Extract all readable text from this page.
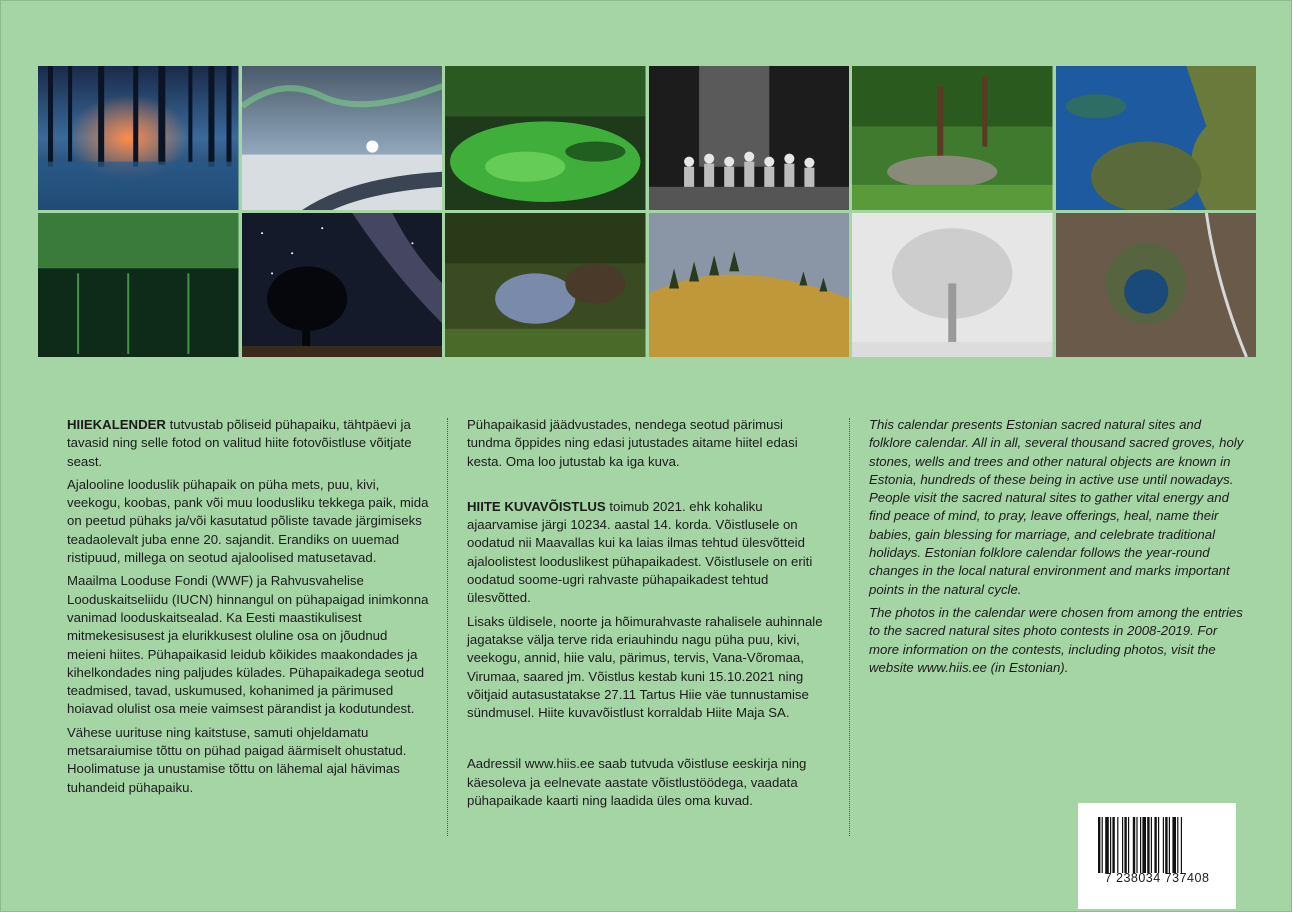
HIIEKALENDER tutvustab põliseid pühapaiku, tähtpäevi ja tavasid ning selle fotod on valitud hiite fotovõistluse võitjate seast.

Ajalooline looduslik pühapaik on püha mets, puu, kivi, veekogu, koobas, pank või muu loodusliku tekkega paik, mida on peetud pühaks ja/või kasutatud põliste tavade järgimiseks teadaolevalt juba enne 20. sajandit. Erandiks on uuemad ristipuud, millega on seotud ajaloolised matusetavad.

Maailma Looduse Fondi (WWF) ja Rahvusvahelise Looduskaitseliidu (IUCN) hinnangul on pühapaigad inimkonna vanimad looduskaitsealad. Ka Eesti maastikulisest mitmekesisusest ja elurikkusest oluline osa on jõudnud meieni hiites. Pühapaikasid leidub kõikides maakondades ja kihelkondades ning paljudes külades. Pühapaikadega seotud teadmised, tavad, uskumused, kohanimed ja pärimused hoiavad olulist osa meie vaimsest pärandist ja kodutundest.

Vähese uurituse ning kaitstuse, samuti ohjeldamatu metsaraiumise tõttu on pühad paigad äärmiselt ohustatud. Hoolimatuse ja unustamise tõttu on lähemal ajal hävimas tuhandeid pühapaiku.

Pühapaikasid jäädvustades, nendega seotud pärimusi tundma õppides ning edasi jutustades aitame hiitel edasi kesta. Oma loo jutustab ka iga kuva.

HIITE KUVAVÕISTLUS toimub 2021. ehk kohaliku ajaarvamise järgi 10234. aastal 14. korda. Võistlusele on oodatud nii Maavallas kui ka laias ilmas tehtud ülesvõtteid ajaloolistest looduslikest pühapaikadest. Võistlusele on eriti oodatud soome-ugri rahvaste pühapaikadest tehtud ülesvõtted.

Lisaks üldisele, noorte ja hõimurahvaste rahalisele auhinnale jagatakse välja terve rida eriauhindu nagu püha puu, kivi, veekogu, annid, hiie valu, pärimus, tervis, Vana-Võromaa, Virumaa, saared jm. Võistlus kestab kuni 15.10.2021 ning võitjaid autasustatakse 27.11 Tartus Hiie väe tunnustamise sündmusel. Hiite kuvavõistlust korraldab Hiite Maja SA.

Aadressil www.hiis.ee saab tutvuda võistluse eeskirja ning käesoleva ja eelnevate aastate võistlustöödega, vaadata pühapaikade kaarti ning laadida üles oma kuvad.

This calendar presents Estonian sacred natural sites and folklore calendar. All in all, several thousand sacred groves, holy stones, wells and trees and other natural objects are known in Estonia, hundreds of these being in active use until nowadays. People visit the sacred natural sites to gather vital energy and find peace of mind, to pray, leave offerings, heal, name their babies, gain blessing for marriage, and celebrate traditional holidays. Estonian folklore calendar follows the year-round changes in the local natural environment and marks important points in the natural cycle.

The photos in the calendar were chosen from among the entries to the sacred natural sites photo contests in 2008-2019. For more information on the contests, including photos, visit the website www.hiis.ee (in Estonian).

7 238034 737408
